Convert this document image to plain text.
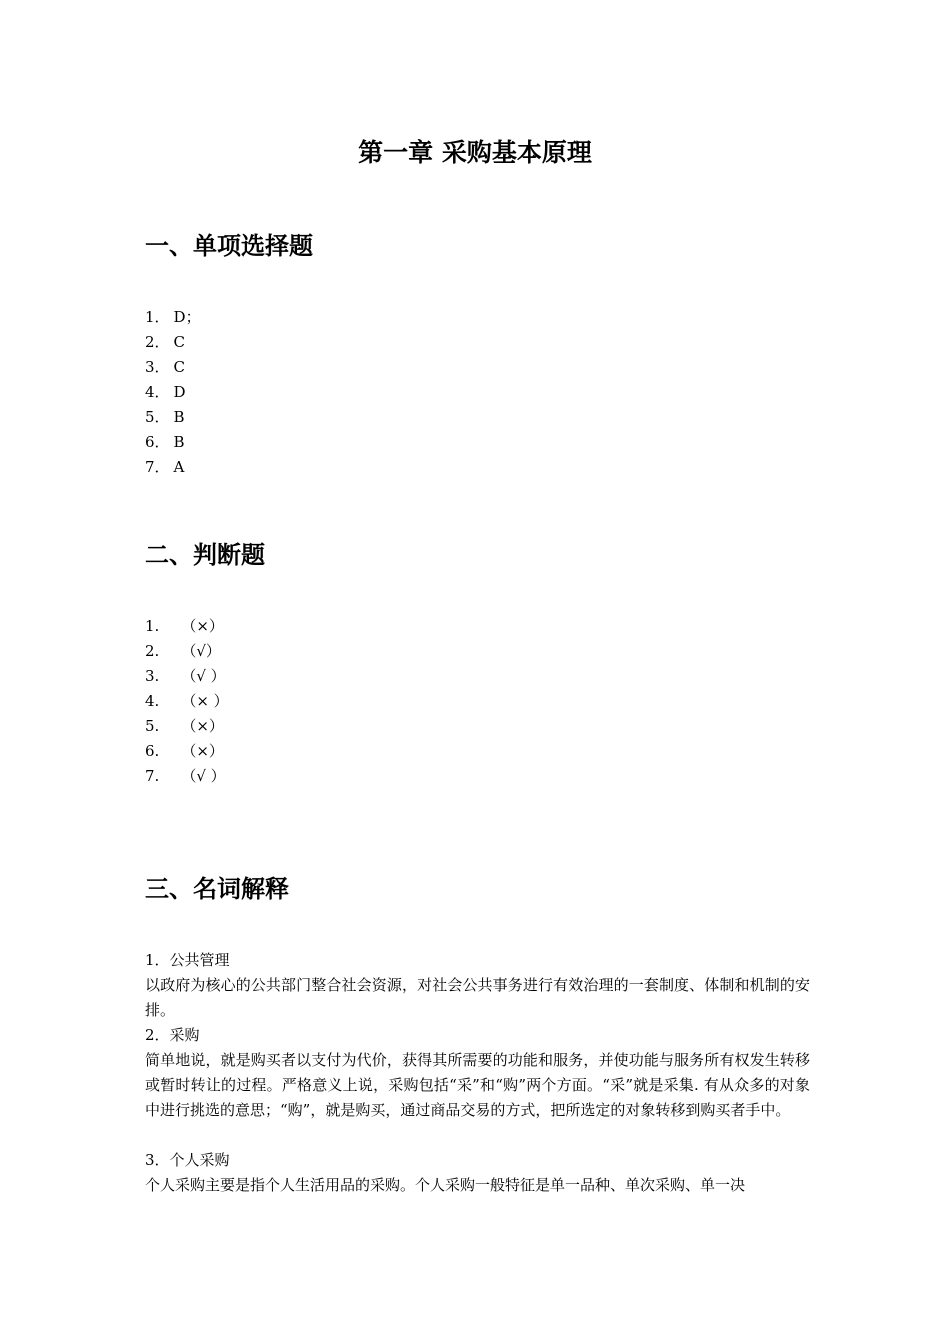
第一章 采购基本原理
一、单项选择题
1． D；
2． C
3． C
4． D
5． B
6． B
7． A
二、判断题
1. （×）
2. （√）
3. （√ ）
4. （× ）
5. （×）
6. （×）
7. （√ ）
三、名词解释
1．公共管理
以政府为核心的公共部门整合社会资源，对社会公共事务进行有效治理的一套制度、体制和机制的安排。
2．采购
简单地说，就是购买者以支付为代价，获得其所需要的功能和服务，并使功能与服务所有权发生转移或暂时转让的过程。严格意义上说，采购包括“采”和“购”两个方面。“采”就是采集. 有从众多的对象中进行挑选的意思；“购”，就是购买，通过商品交易的方式，把所选定的对象转移到购买者手中。
3．个人采购
个人采购主要是指个人生活用品的采购。个人采购一般特征是单一品种、单次采购、单一决
